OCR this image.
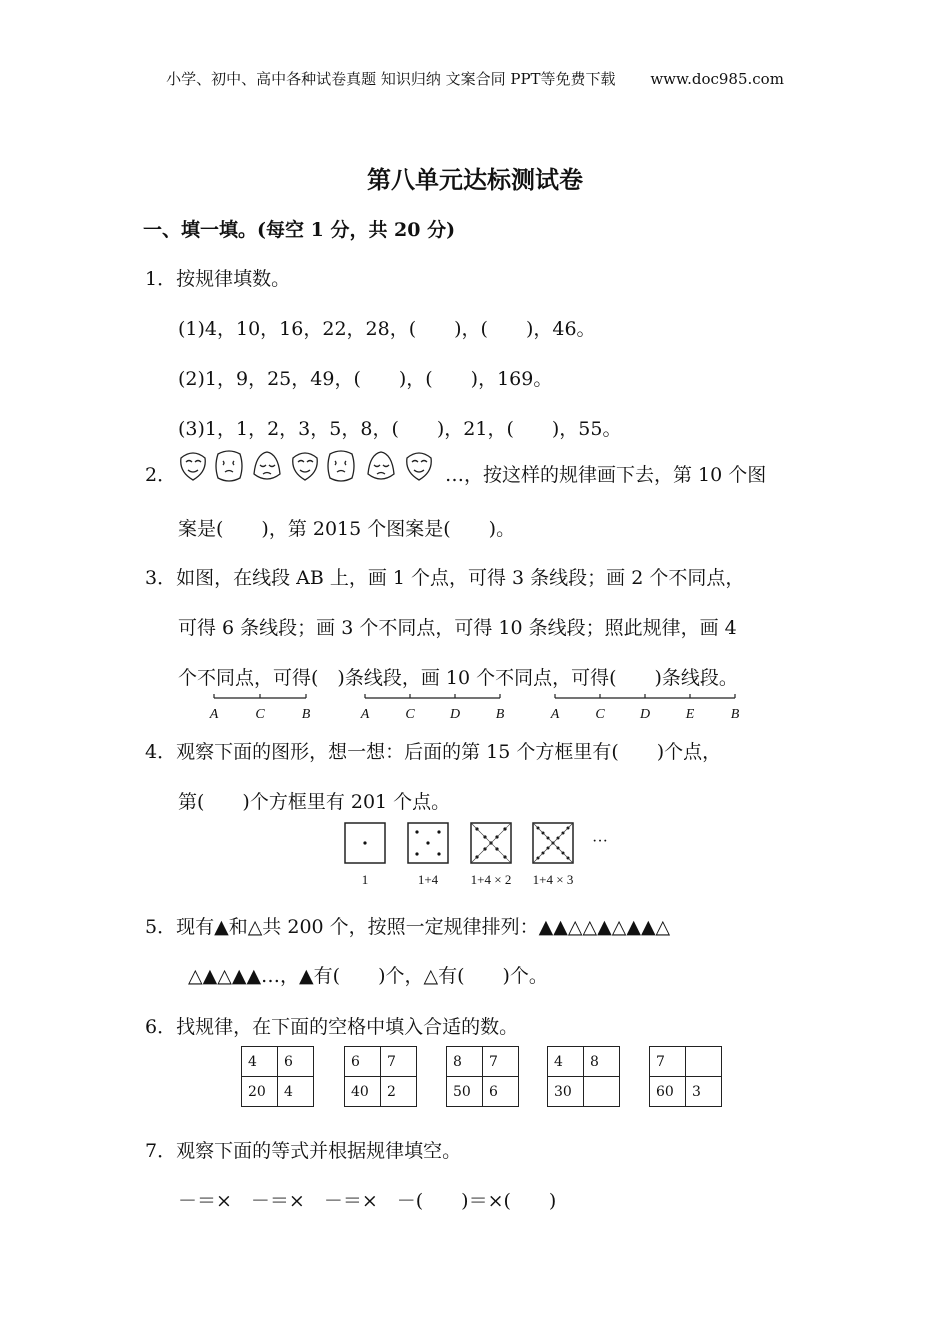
小学、初中、高中各种试卷真题 知识归纳 文案合同 PPT等免费下载 www.doc985.com
第八单元达标测试卷
一、填一填。(每空 1 分，共 20 分)
1．按规律填数。
(1)4，10，16，22，28，(　　)，(　　)，46。
(2)1，9，25，49，(　　)，(　　)，169。
(3)1，1，2，3，5，8，(　　)，21，(　　)，55。
2．	…，按这样的规律画下去，第 10 个图
案是(　　)，第 2015 个图案是(　　)。
3．如图，在线段 AB 上，画 1 个点，可得 3 条线段；画 2 个不同点，
可得 6 条线段；画 3 个不同点，可得 10 条线段；照此规律，画 4
个不同点，可得(　)条线段，画 10 个不同点，可得(　　)条线段。
A	C	B	A	C	D	B	A	C	D	E	B
4．观察下面的图形，想一想：后面的第 15 个方框里有(　　)个点，
第(　　)个方框里有 201 个点。
···
1	1+4 1+4 × 2 1+4 × 3
5．现有▲和△共 200 个，按照一定规律排列：▲▲△△▲△▲▲△
△▲△▲▲…，▲有(　　)个，△有(　　)个。
6．找规律，在下面的空格中填入合适的数。
4	6
20	4
6	7
40	2
8	7
50	6
4	8
30	
7	
60	3
7．观察下面的等式并根据规律填空。
－＝×　－＝×　－＝×　－(　　)＝×(　　)
